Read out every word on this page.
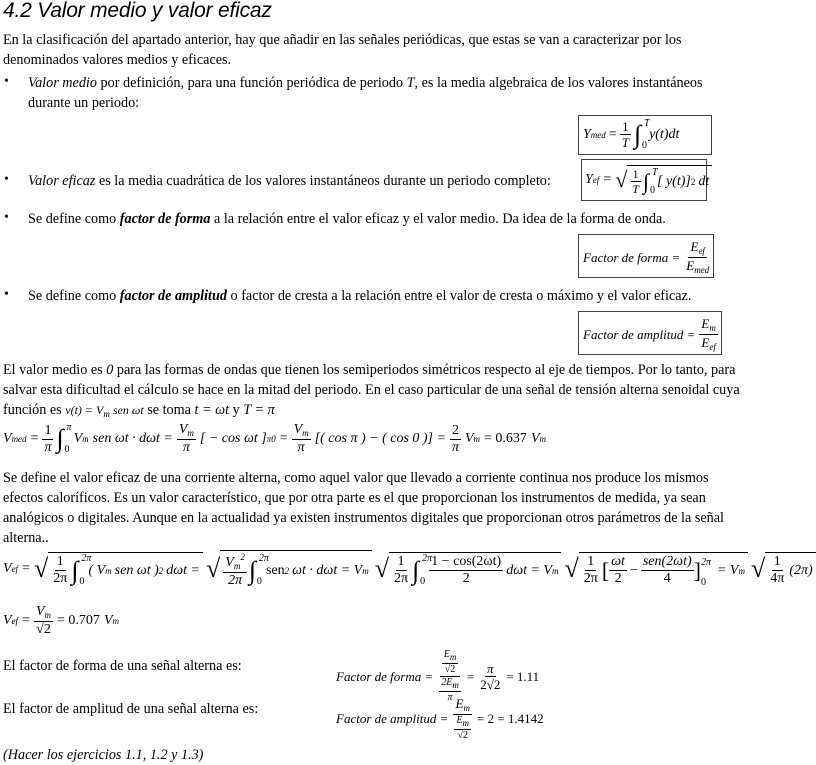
4.2 Valor medio y valor eficaz

En la clasificación del apartado anterior, hay que añadir en las señales periódicas, que estas se van a caracterizar por los denominados valores medios y eficaces.

• Valor medio por definición, para una función periódica de periodo T, es la media algebraica de los valores instantáneos durante un periodo:

Y med = $\frac{1}{T}$ ∫ T
0
y(t)dt
• Valor eficaz es la media cuadrática de los valores instantáneos durante un periodo completo:	Y ef = √ $\frac{1}{T}$ ∫ T
0
[ y(t)] 2 dt
• Se define como factor de forma a la relación entre el valor eficaz y el valor medio. Da idea de la forma de onda.

Factor de forma = $\frac{E_{ef}}{E_{med}}$
• Se define como factor de amplitud o factor de cresta a la relación entre el valor de cresta o máximo y el valor eficaz.

Factor de amplitud = $\frac{E_m}{E_{ef}}$

El valor medio es 0 para las formas de ondas que tienen los semiperiodos simétricos respecto al eje de tiempos. Por lo tanto, para salvar esta dificultad el cálculo se hace en la mitad del periodo. En el caso particular de una señal de tensión alterna senoidal cuya función es $v(t) = V_m$ sen ωt se toma t = ωt y T = π

V med = $\frac{1}{\pi}$ ∫ π
0
V m sen $\omega t \cdot d\omega t = \frac{V_m}{\pi}$ [ − cos ωt ] π $0 = \frac{V_m}{\pi}$ [( cos π ) − ( cos 0 )] = $\frac{2}{\pi}$ V m = 0.637 V m

Se define el valor eficaz de una corriente alterna, como aquel valor que llevado a corriente continua nos produce los mismos efectos caloríficos. Es un valor característico, que por otra parte es el que proporcionan los instrumentos de medida, ya sean analógicos o digitales. Aunque en la actualidad ya existen instrumentos digitales que proporcionan otros parámetros de la señal alterna..

V ef = √ $\frac{1}{2\pi}$ ∫ 2π
0
( V m sen ωt ) 2 dωt = √ $\frac{V_m^2}{2\pi}$ ∫ 2π
0
sen 2 ωt · dωt = V m √ $\frac{1}{2\pi}$ ∫ 2π
$0 \frac{1 - \cos(2\omega t)}{2}$ dωt = V m √ $\frac{1}{2\pi}$ [ $\frac{\omega t}{2} - \frac{\text{sen(2ωt)}}{4}$ ] 2π
0
= V m √ $\frac{1}{4\pi} (2\pi)$
V ef = $\frac{V_m}{√2} = 0.707$ V m

El factor de forma de una señal alterna es:

Factor de forma = $\frac{\frac{Em}{√2}}{\frac{2Em}{\pi}} = \frac{\pi}{2√2} = 1.11$

El factor de amplitud de una señal alterna es:

Factor de amplitud = $\frac{E_m}{\frac{Em}{√2}} = 2 = 1.4142$

(Hacer los ejercicios 1.1, 1.2 y 1.3)
